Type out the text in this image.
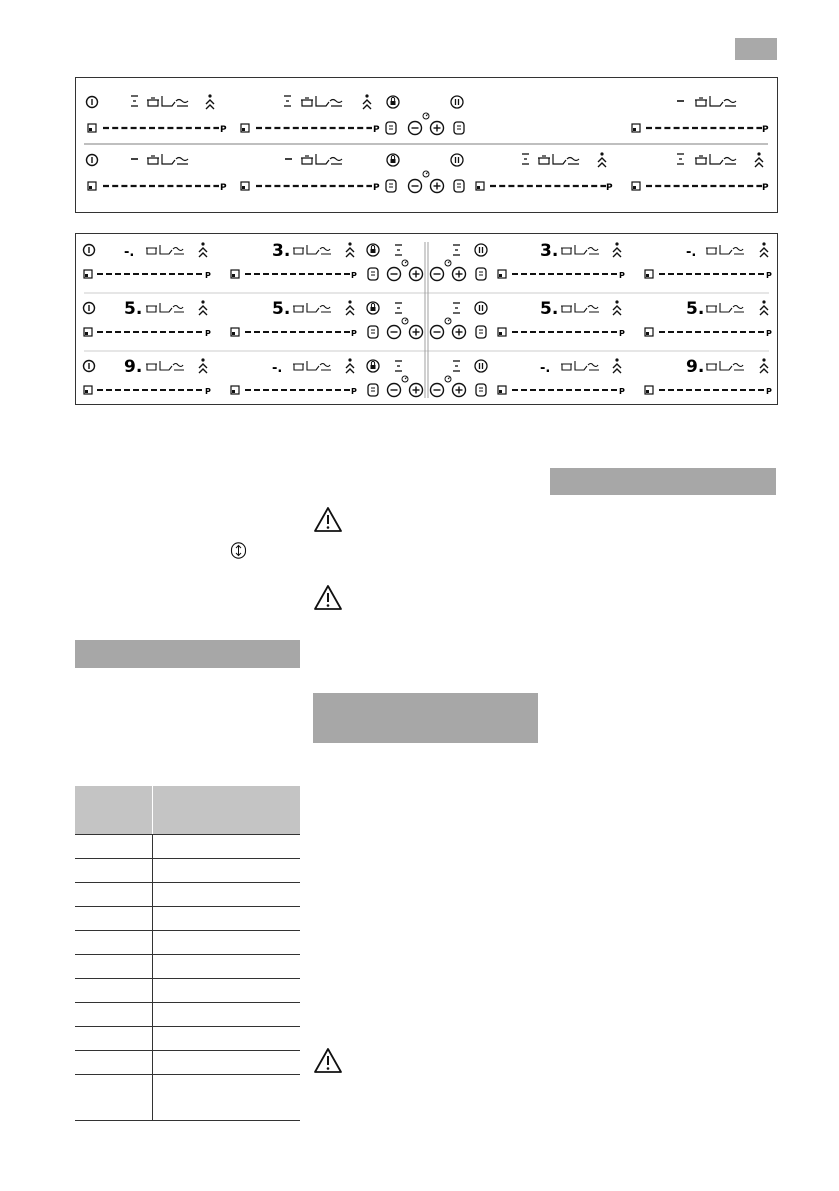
P	P	P
P	P	P	P
-.	3.	3.	-.
P	P	P	P
5.	5.	5.	5.
P	P	P	P
9.	-.	-.	9.
P	P	P	P
